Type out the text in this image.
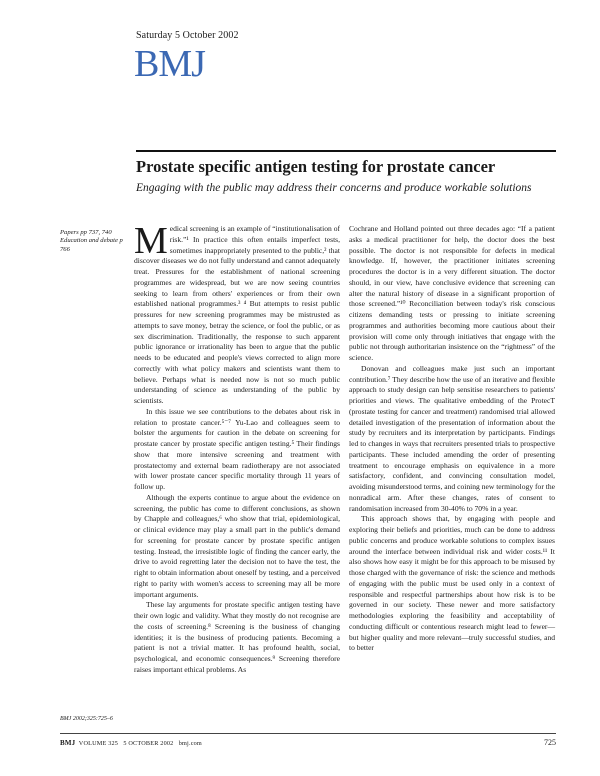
Saturday 5 October 2002
BMJ
Prostate specific antigen testing for prostate cancer
Engaging with the public may address their concerns and produce workable solutions
Papers pp 737, 740
Education and debate p 766	Medical screening is an example of “institutionalisation of risk.”¹ In practice this often entails imperfect tests, sometimes inappropriately presented to the public,² that discover diseases we do not fully understand and cannot adequately treat. Pressures for the establishment of national screening programmes are widespread, but we are now seeing countries seeking to learn from others' experiences or from their own established national programmes.³ ⁴ But attempts to resist public pressures for new screening programmes may be mistrusted as attempts to save money, betray the science, or fool the public, or as sex discrimination. Traditionally, the response to such apparent public ignorance or irrationality has been to argue that the public needs to be educated and people's views corrected to align more correctly with what policy makers and scientists want them to believe. Perhaps what is needed now is not so much public understanding of science as understanding of the public by scientists.

In this issue we see contributions to the debates about risk in relation to prostate cancer.⁵⁻⁷ Yu-Lao and colleagues seem to bolster the arguments for caution in the debate on screening for prostate cancer by prostate specific antigen testing.⁵ Their findings show that more intensive screening and treatment with prostatectomy and external beam radiotherapy are not associated with lower prostate cancer specific mortality through 11 years of follow up.

Although the experts continue to argue about the evidence on screening, the public has come to different conclusions, as shown by Chapple and colleagues,⁶ who show that trial, epidemiological, or clinical evidence may play a small part in the public's demand for screening for prostate cancer by prostate specific antigen testing. Instead, the irresistible logic of finding the cancer early, the drive to avoid regretting later the decision not to have the test, the right to obtain information about oneself by testing, and a perceived right to parity with women's access to screening may all be more important arguments.

These lay arguments for prostate specific antigen testing have their own logic and validity. What they mostly do not recognise are the costs of screening.⁸ Screening is the business of changing identities; it is the business of producing patients. Becoming a patient is not a trivial matter. It has profound health, social, psychological, and economic consequences.⁹ Screening therefore raises important ethical problems. As

Cochrane and Holland pointed out three decades ago: “If a patient asks a medical practitioner for help, the doctor does the best possible. The doctor is not responsible for defects in medical knowledge. If, however, the practitioner initiates screening procedures the doctor is in a very different situation. The doctor should, in our view, have conclusive evidence that screening can alter the natural history of disease in a significant proportion of those screened.”¹⁰ Reconciliation between today's risk conscious citizens demanding tests or pressing to initiate screening programmes and authorities becoming more cautious about their provision will come only through initiatives that engage with the public not through authoritarian insistence on the “rightness” of the science.

Donovan and colleagues make just such an important contribution.⁷ They describe how the use of an iterative and flexible approach to study design can help sensitise researchers to patients' priorities and views. The qualitative embedding of the ProtecT (prostate testing for cancer and treatment) randomised trial allowed detailed investigation of the presentation of information about the study by recruiters and its interpretation by participants. Findings led to changes in ways that recruiters presented trials to prospective participants. These included amending the order of presenting treatment to encourage emphasis on equivalence in a more satisfactory, confident, and convincing consultation model, avoiding misunderstood terms, and coining new terminology for the nonradical arm. After these changes, rates of consent to randomisation increased from 30-40% to 70% in a year.

This approach shows that, by engaging with people and exploring their beliefs and priorities, much can be done to address public concerns and produce workable solutions to complex issues around the interface between individual risk and wider costs.¹¹ It also shows how easy it might be for this approach to be misused by those charged with the governance of risk: the science and methods of engaging with the public must be used only in a context of responsible and respectful partnerships about how risk is to be governed in our society. These newer and more satisfactory methodologies exploring the feasibility and acceptability of conducting difficult or contentious research might lead to fewer—but higher quality and more relevant—truly successful studies, and to better

BMJ 2002;325:725–6
BMJ VOLUME 325 5 OCTOBER 2002 bmj.com	725
